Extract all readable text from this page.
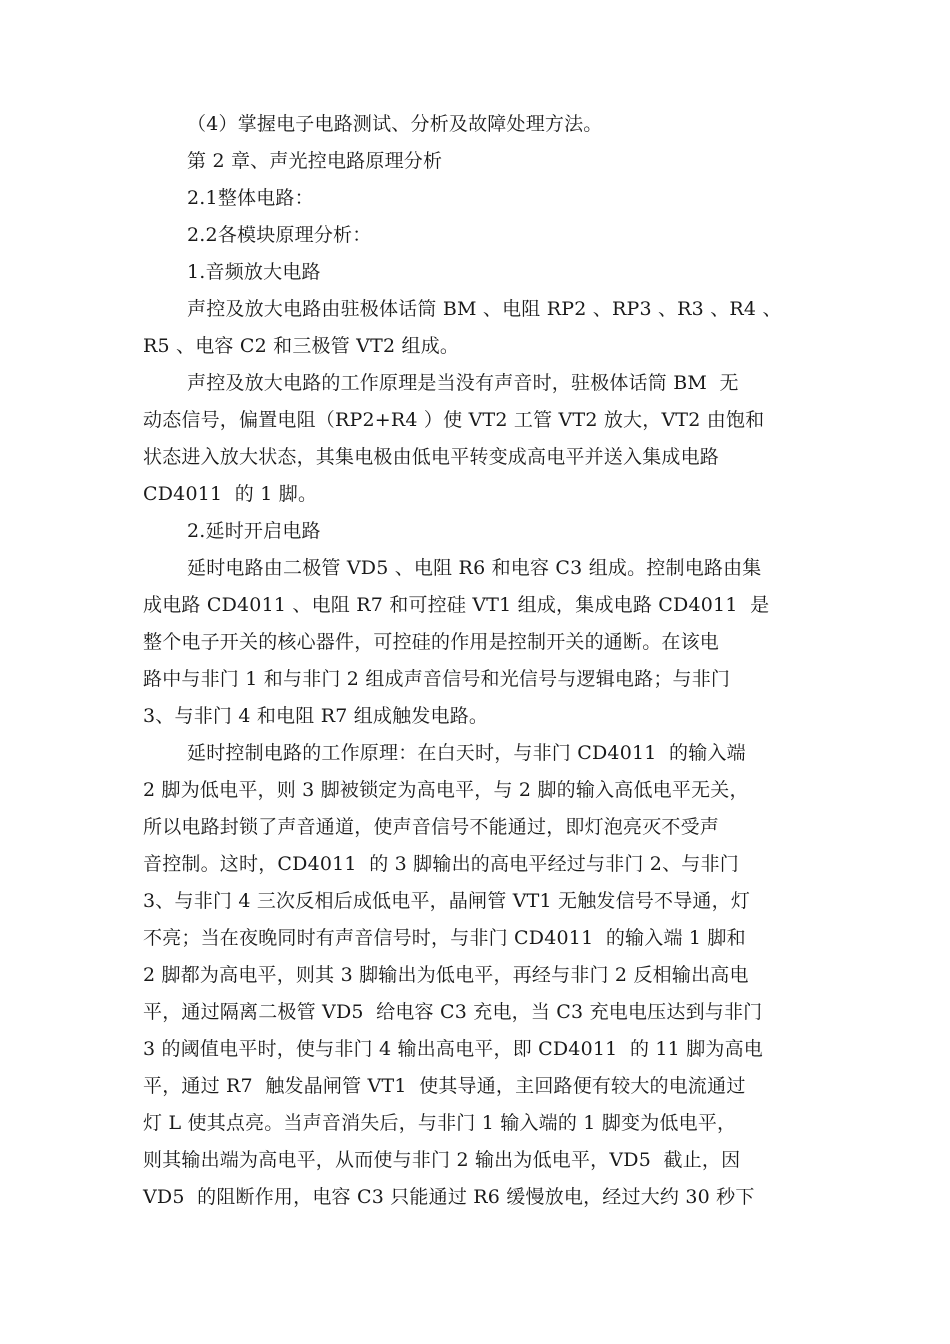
（4）掌握电子电路测试、分析及故障处理方法。
第 2 章、声光控电路原理分析
2.1整体电路：
2.2各模块原理分析：
1.音频放大电路
声控及放大电路由驻极体话筒 BM 、电阻 RP2 、RP3 、R3 、R4 、
R5 、电容 C2 和三极管 VT2 组成。
声控及放大电路的工作原理是当没有声音时，驻极体话筒 BM  无
动态信号，偏置电阻（RP2+R4 ）使 VT2 工管 VT2 放大，VT2 由饱和
状态进入放大状态，其集电极由低电平转变成高电平并送入集成电路
CD4011  的 1 脚。
2.延时开启电路
延时电路由二极管 VD5 、电阻 R6 和电容 C3 组成。控制电路由集
成电路 CD4011 、电阻 R7 和可控硅 VT1 组成，集成电路 CD4011  是
整个电子开关的核心器件，可控硅的作用是控制开关的通断。在该电
路中与非门 1 和与非门 2 组成声音信号和光信号与逻辑电路；与非门
3、与非门 4 和电阻 R7 组成触发电路。
延时控制电路的工作原理：在白天时，与非门 CD4011  的输入端
2 脚为低电平，则 3 脚被锁定为高电平，与 2 脚的输入高低电平无关，
所以电路封锁了声音通道，使声音信号不能通过，即灯泡亮灭不受声
音控制。这时，CD4011  的 3 脚输出的高电平经过与非门 2、与非门
3、与非门 4 三次反相后成低电平，晶闸管 VT1 无触发信号不导通，灯
不亮；当在夜晚同时有声音信号时，与非门 CD4011  的输入端 1 脚和
2 脚都为高电平，则其 3 脚输出为低电平，再经与非门 2 反相输出高电
平，通过隔离二极管 VD5  给电容 C3 充电，当 C3 充电电压达到与非门
3 的阈值电平时，使与非门 4 输出高电平，即 CD4011  的 11 脚为高电
平，通过 R7  触发晶闸管 VT1  使其导通，主回路便有较大的电流通过
灯 L 使其点亮。当声音消失后，与非门 1 输入端的 1 脚变为低电平，
则其输出端为高电平，从而使与非门 2 输出为低电平，VD5  截止，因
VD5  的阻断作用，电容 C3 只能通过 R6 缓慢放电，经过大约 30 秒下
